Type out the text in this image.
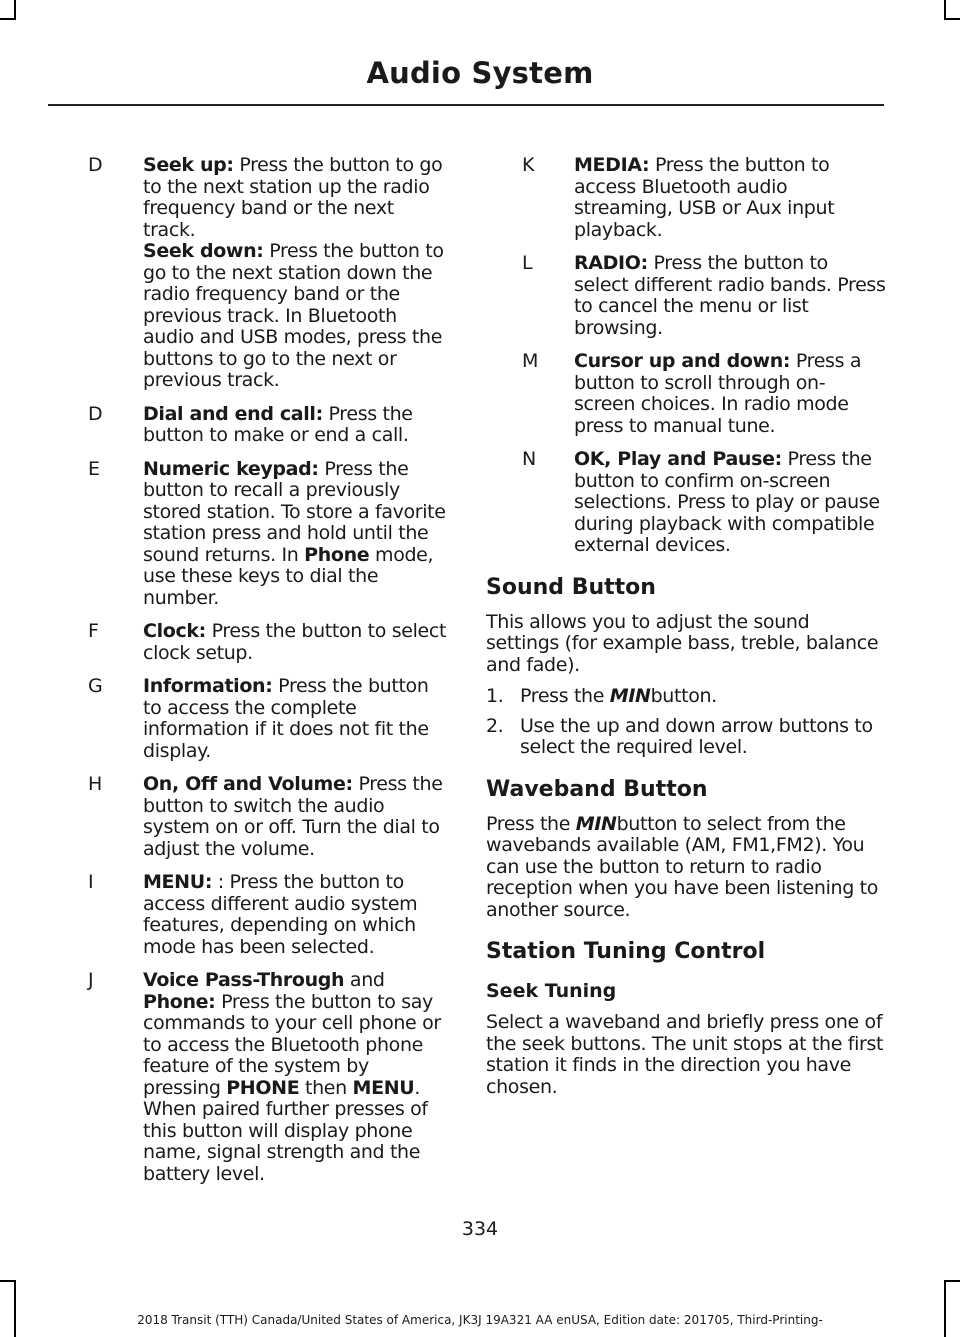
Audio System
D	Seek up: Press the button to go to the next station up the radio frequency band or the next track.
Seek down: Press the button to go to the next station down the radio frequency band or the previous track. In Bluetooth audio and USB modes, press the buttons to go to the next or previous track.

D	Dial and end call: Press the button to make or end a call.

E	Numeric keypad: Press the button to recall a previously stored station. To store a favorite station press and hold until the sound returns. In Phone mode, use these keys to dial the number.

F	Clock: Press the button to select clock setup.

G	Information: Press the button to access the complete information if it does not fit the display.

H	On, Off and Volume: Press the button to switch the audio system on or off. Turn the dial to adjust the volume.

I	MENU: : Press the button to access different audio system features, depending on which mode has been selected.

J	Voice Pass-Through and Phone: Press the button to say commands to your cell phone or to access the Bluetooth phone feature of the system by pressing PHONE then MENU. When paired further presses of this button will display phone name, signal strength and the battery level.

K	MEDIA: Press the button to access Bluetooth audio streaming, USB or Aux input playback.

L	RADIO: Press the button to select different radio bands. Press to cancel the menu or list browsing.

M	Cursor up and down: Press a button to scroll through on-screen choices. In radio mode press to manual tune.

N	OK, Play and Pause: Press the button to confirm on-screen selections. Press to play or pause during playback with compatible external devices.

Sound Button

This allows you to adjust the sound settings (for example bass, treble, balance and fade).

1. Press the MINbutton.
2. Use the up and down arrow buttons to select the required level.
Waveband Button

Press the MINbutton to select from the wavebands available (AM, FM1,FM2). You can use the button to return to radio reception when you have been listening to another source.

Station Tuning Control
Seek Tuning

Select a waveband and briefly press one of the seek buttons. The unit stops at the first station it finds in the direction you have chosen.

334
2018 Transit (TTH) Canada/United States of America, JK3J 19A321 AA enUSA, Edition date: 201705, Third-Printing-
